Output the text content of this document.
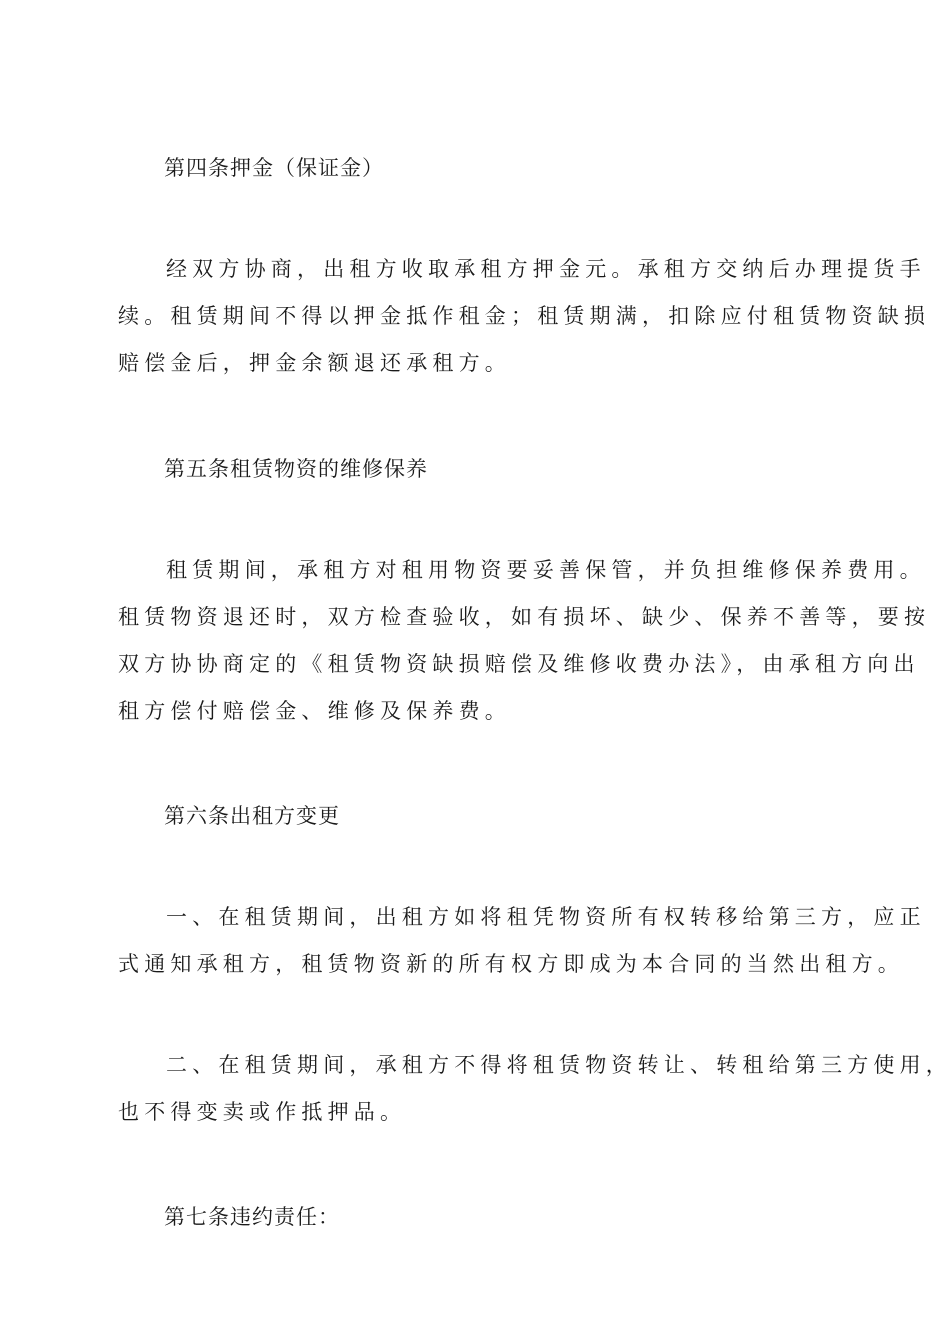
第四条押金（保证金）
经双方协商，出租方收取承租方押金元。承租方交纳后办理提货手
续。租赁期间不得以押金抵作租金；租赁期满，扣除应付租赁物资缺损
赔偿金后，押金余额退还承租方。
第五条租赁物资的维修保养
租赁期间，承租方对租用物资要妥善保管，并负担维修保养费用。
租赁物资退还时，双方检查验收，如有损坏、缺少、保养不善等，要按
双方协协商定的《租赁物资缺损赔偿及维修收费办法》，由承租方向出
租方偿付赔偿金、维修及保养费。
第六条出租方变更
一、在租赁期间，出租方如将租凭物资所有权转移给第三方，应正
式通知承租方，租赁物资新的所有权方即成为本合同的当然出租方。
二、在租赁期间，承租方不得将租赁物资转让、转租给第三方使用，
也不得变卖或作抵押品。
第七条违约责任：
